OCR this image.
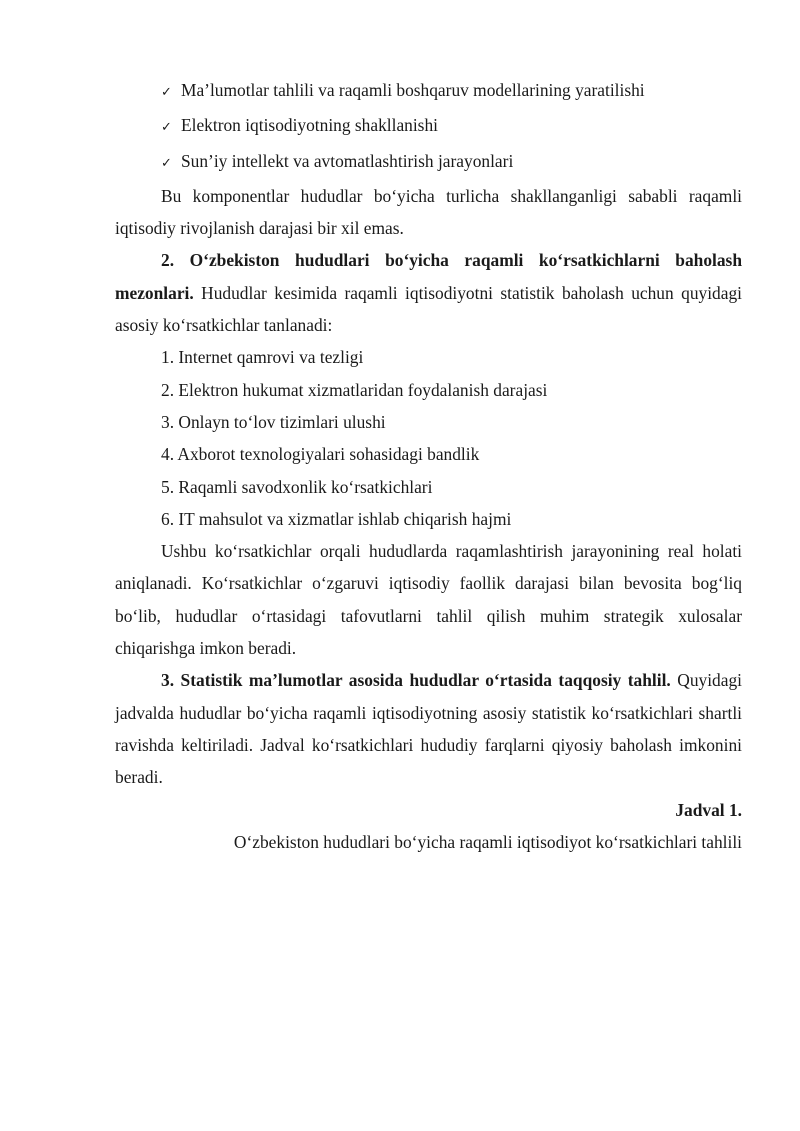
✓ Ma’lumotlar tahlili va raqamli boshqaruv modellarining yaratilishi
✓ Elektron iqtisodiyotning shakllanishi
✓ Sun’iy intellekt va avtomatlashtirish jarayonlari

Bu komponentlar hududlar bo‘yicha turlicha shakllanganligi sababli raqamli iqtisodiy rivojlanish darajasi bir xil emas.

2. O‘zbekiston hududlari bo‘yicha raqamli ko‘rsatkichlarni baholash mezonlari. Hududlar kesimida raqamli iqtisodiyotni statistik baholash uchun quyidagi asosiy ko‘rsatkichlar tanlanadi:

1. Internet qamrovi va tezligi
2. Elektron hukumat xizmatlaridan foydalanish darajasi
3. Onlayn to‘lov tizimlari ulushi
4. Axborot texnologiyalari sohasidagi bandlik
5. Raqamli savodxonlik ko‘rsatkichlari
6. IT mahsulot va xizmatlar ishlab chiqarish hajmi

Ushbu ko‘rsatkichlar orqali hududlarda raqamlashtirish jarayonining real holati aniqlanadi. Ko‘rsatkichlar o‘zgaruvi iqtisodiy faollik darajasi bilan bevosita bog‘liq bo‘lib, hududlar o‘rtasidagi tafovutlarni tahlil qilish muhim strategik xulosalar chiqarishga imkon beradi.

3. Statistik ma’lumotlar asosida hududlar o‘rtasida taqqosiy tahlil. Quyidagi jadvalda hududlar bo‘yicha raqamli iqtisodiyotning asosiy statistik ko‘rsatkichlari shartli ravishda keltiriladi. Jadval ko‘rsatkichlari hududiy farqlarni qiyosiy baholash imkonini beradi.

Jadval 1.

O‘zbekiston hududlari bo‘yicha raqamli iqtisodiyot ko‘rsatkichlari tahlili
